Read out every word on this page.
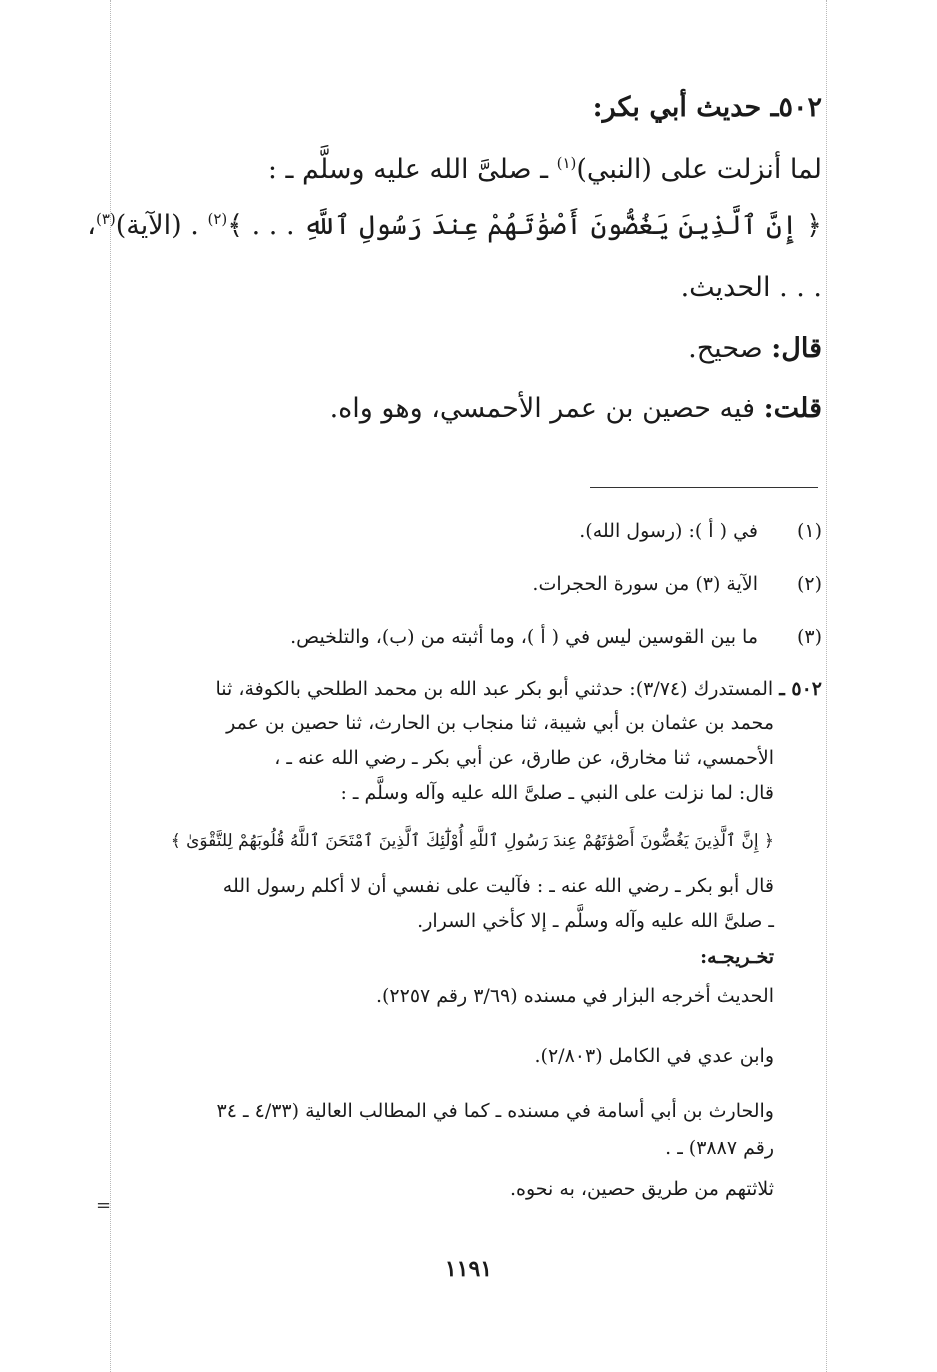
٥٠٢ـ حديث أبي بكر:
لما أنزلت على (النبي)$^{(١)}$ ـ صلىَّ الله عليه وسلَّم ـ :
﴿ إِنَّ ٱلَّذِينَ يَغُضُّونَ أَصْوَٰتَهُمْ عِندَ رَسُولِ ٱللَّهِ . . . ﴾$^{(٢)}$ . (الآية)$^{(٣)}$،
. . . الحديث.
قال: صحيح.
قلت: فيه حصين بن عمر الأحمسي، وهو واه.
(١)في ( أ ): (رسول الله).
(٢)الآية (٣) من سورة الحجرات.
(٣)ما بين القوسين ليس في ( أ )، وما أثبته من (ب)، والتلخيص.
٥٠٢ ـ المستدرك (٣/٧٤): حدثني أبو بكر عبد الله بن محمد الطلحي بالكوفة، ثنا
محمد بن عثمان بن أبي شيبة، ثنا منجاب بن الحارث، ثنا حصين بن عمر
الأحمسي، ثنا مخارق، عن طارق، عن أبي بكر ـ رضي الله عنه ـ ،
قال: لما نزلت على النبي ـ صلىَّ الله عليه وآله وسلَّم ـ :
﴿ إِنَّ ٱلَّذِينَ يَغُضُّونَ أَصْوَٰتَهُمْ عِندَ رَسُولِ ٱللَّهِ أُوْلَٰٓئِكَ ٱلَّذِينَ ٱمْتَحَنَ ٱللَّهُ قُلُوبَهُمْ لِلتَّقْوَىٰ ﴾
قال أبو بكر ـ رضي الله عنه ـ : فآليت على نفسي أن لا أكلم رسول الله
ـ صلىَّ الله عليه وآله وسلَّم ـ إلا كأخي السرار.
تخـريجـه:
الحديث أخرجه البزار في مسنده (٣/٦٩ رقم ٢٢٥٧).
وابن عدي في الكامل (٢/٨٠٣).
والحارث بن أبي أسامة في مسنده ـ كما في المطالب العالية (٤/٣٣ ـ ٣٤
رقم ٣٨٨٧) ـ .
ثلاثتهم من طريق حصين، به نحوه.
=
١١٩١
